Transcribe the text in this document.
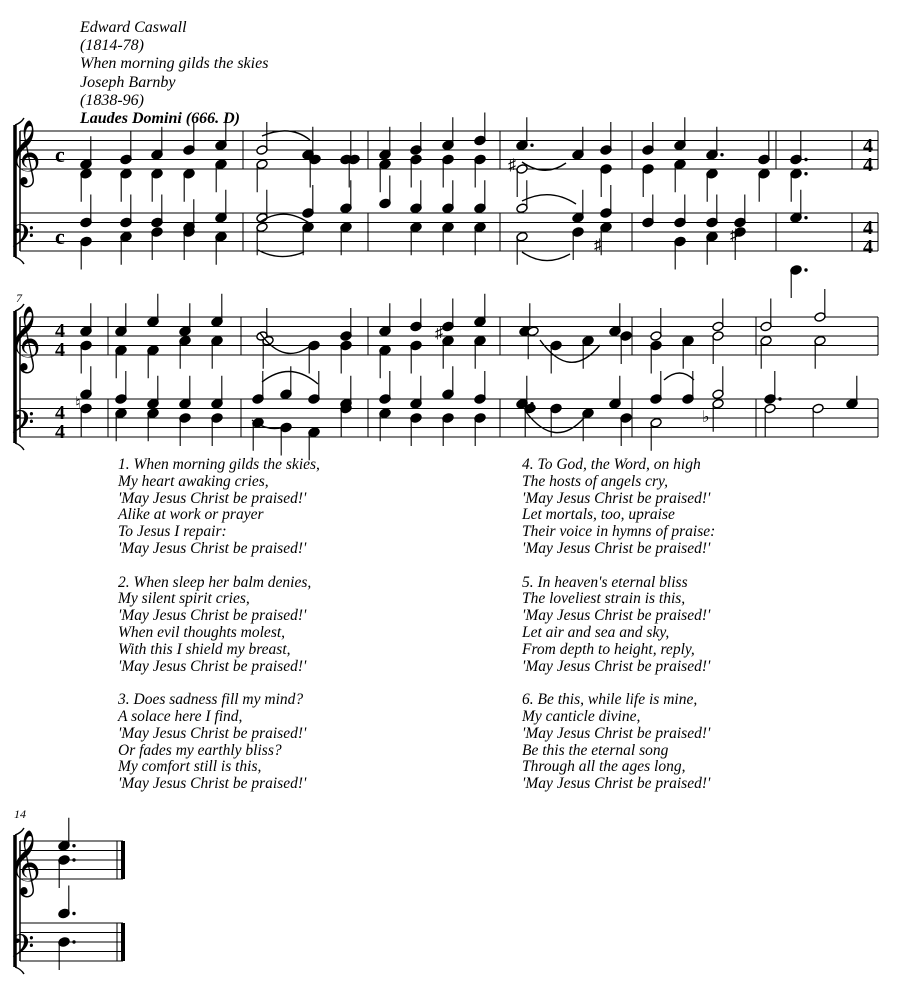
Edward Caswall
(1814-78)
When morning gilds the skies
Joseph Barnby
(1838-96)
Laudes Domini (666. D)
𝄞
𝄢
𝄞
𝄢
𝄞
𝄢
c
c
4
4
4
4
4
4
4
4
7
14
♯
♯
♯
♯
♮
♭
1. When morning gilds the skies,
My heart awaking cries,
'May Jesus Christ be praised!'
Alike at work or prayer
To Jesus I repair:
'May Jesus Christ be praised!'
2. When sleep her balm denies,
My silent spirit cries,
'May Jesus Christ be praised!'
When evil thoughts molest,
With this I shield my breast,
'May Jesus Christ be praised!'
3. Does sadness fill my mind?
A solace here I find,
'May Jesus Christ be praised!'
Or fades my earthly bliss?
My comfort still is this,
'May Jesus Christ be praised!'
4. To God, the Word, on high
The hosts of angels cry,
'May Jesus Christ be praised!'
Let mortals, too, upraise
Their voice in hymns of praise:
'May Jesus Christ be praised!'
5. In heaven's eternal bliss
The loveliest strain is this,
'May Jesus Christ be praised!'
Let air and sea and sky,
From depth to height, reply,
'May Jesus Christ be praised!'
6. Be this, while life is mine,
My canticle divine,
'May Jesus Christ be praised!'
Be this the eternal song
Through all the ages long,
'May Jesus Christ be praised!'
